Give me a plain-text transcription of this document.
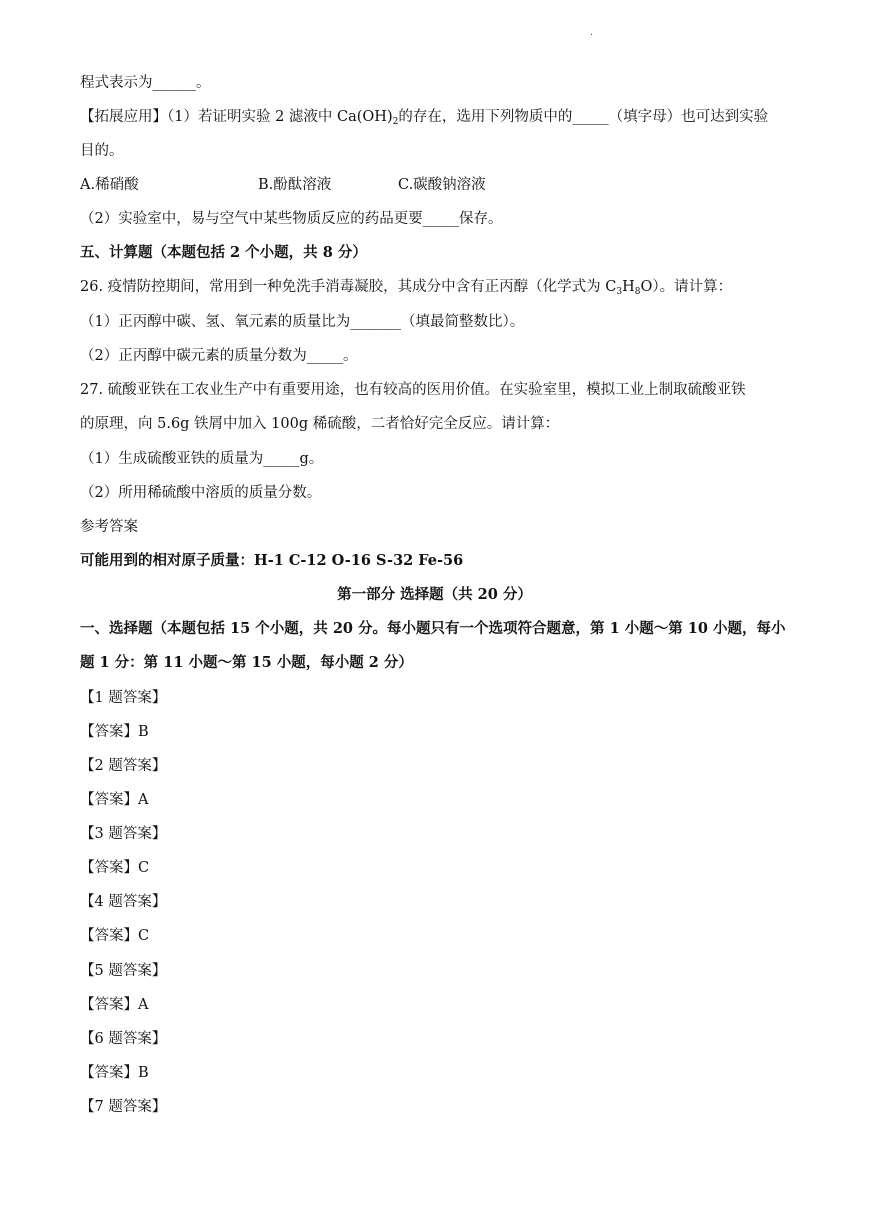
·
程式表示为______。
【拓展应用】（1）若证明实验 2 滤液中 $Ca(OH)_2$的存在，选用下列物质中的_____（填字母）也可达到实验
目的。
A.稀硝酸	B.酚酞溶液	C.碳酸钠溶液
（2）实验室中，易与空气中某些物质反应的药品更要_____保存。
五、计算题（本题包括 2 个小题，共 8 分）
26. 疫情防控期间，常用到一种免洗手消毒凝胶，其成分中含有正丙醇（化学式为 $C_3H_8O$）。请计算：
（1）正丙醇中碳、氢、氧元素的质量比为_______（填最简整数比）。
（2）正丙醇中碳元素的质量分数为_____。
27. 硫酸亚铁在工农业生产中有重要用途，也有较高的医用价值。在实验室里，模拟工业上制取硫酸亚铁
的原理，向 5.6g 铁屑中加入 100g 稀硫酸，二者恰好完全反应。请计算：
（1）生成硫酸亚铁的质量为_____g。
（2）所用稀硫酸中溶质的质量分数。
参考答案
可能用到的相对原子质量：H-1 C-12 O-16 S-32 Fe-56
第一部分 选择题（共 20 分）
一、选择题（本题包括 15 个小题，共 20 分。每小题只有一个选项符合题意，第 1 小题～第 10 小题，每小
题 1 分：第 11 小题～第 15 小题，每小题 2 分）
【1 题答案】
【答案】B
【2 题答案】
【答案】A
【3 题答案】
【答案】C
【4 题答案】
【答案】C
【5 题答案】
【答案】A
【6 题答案】
【答案】B
【7 题答案】
